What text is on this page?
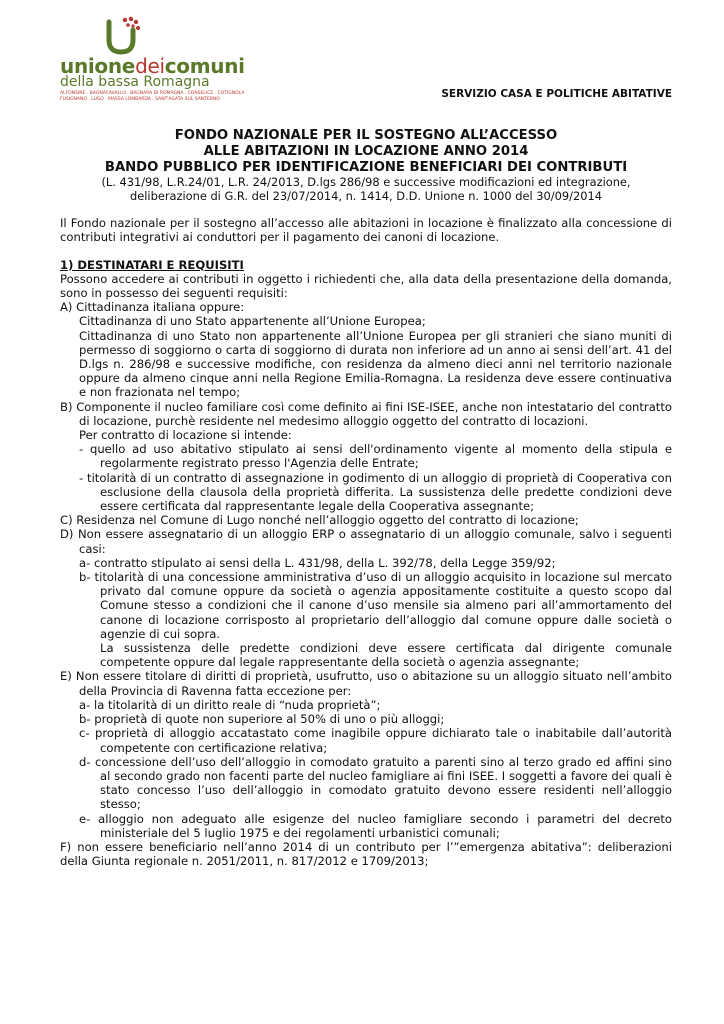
unionedeicomuni
della bassa Romagna
ALFONSINE . BAGNACAVALLO . BAGNARA DI ROMAGNA . CONSELICE . COTIGNOLA
FUSIGNANO . LUGO . MASSA LOMBARDA . SANT'AGATA SUL SANTERNO	SERVIZIO CASA E POLITICHE ABITATIVE
FONDO NAZIONALE PER IL SOSTEGNO ALL’ACCESSO
ALLE ABITAZIONI IN LOCAZIONE ANNO 2014
BANDO PUBBLICO PER IDENTIFICAZIONE BENEFICIARI DEI CONTRIBUTI
(L. 431/98, L.R.24/01, L.R. 24/2013, D.lgs 286/98 e successive modificazioni ed integrazione,
deliberazione di G.R. del 23/07/2014, n. 1414, D.D. Unione n. 1000 del 30/09/2014

Il Fondo nazionale per il sostegno all’accesso alle abitazioni in locazione è finalizzato alla concessione di contributi integrativi ai conduttori per il pagamento dei canoni di locazione.

1) DESTINATARI E REQUISITI

Possono accedere ai contributi in oggetto i richiedenti che, alla data della presentazione della domanda, sono in possesso dei seguenti requisiti:

A) Cittadinanza italiana oppure:

Cittadinanza di uno Stato appartenente all’Unione Europea;

Cittadinanza di uno Stato non appartenente all’Unione Europea per gli stranieri che siano muniti di permesso di soggiorno o carta di soggiorno di durata non inferiore ad un anno ai sensi dell’art. 41 del D.lgs n. 286/98 e successive modifiche, con residenza da almeno dieci anni nel territorio nazionale oppure da almeno cinque anni nella Regione Emilia-Romagna. La residenza deve essere continuativa e non frazionata nel tempo;

B) Componente il nucleo familiare così come definito ai fini ISE-ISEE, anche non intestatario del contratto di locazione, purchè residente nel medesimo alloggio oggetto del contratto di locazioni.

Per contratto di locazione si intende:

- quello ad uso abitativo stipulato ai sensi dell'ordinamento vigente al momento della stipula e regolarmente registrato presso l'Agenzia delle Entrate;

- titolarità di un contratto di assegnazione in godimento di un alloggio di proprietà di Cooperativa con esclusione della clausola della proprietà differita. La sussistenza delle predette condizioni deve essere certificata dal rappresentante legale della Cooperativa assegnante;

C) Residenza nel Comune di Lugo nonché nell’alloggio oggetto del contratto di locazione;

D) Non essere assegnatario di un alloggio ERP o assegnatario di un alloggio comunale, salvo i seguenti casi:

a- contratto stipulato ai sensi della L. 431/98, della L. 392/78, della Legge 359/92;

b- titolarità di una concessione amministrativa d’uso di un alloggio acquisito in locazione sul mercato privato dal comune oppure da società o agenzia appositamente costituite a questo scopo dal Comune stesso a condizioni che il canone d’uso mensile sia almeno pari all’ammortamento del canone di locazione corrisposto al proprietario dell’alloggio dal comune oppure dalle società o agenzie di cui sopra.

La sussistenza delle predette condizioni deve essere certificata dal dirigente comunale competente oppure dal legale rappresentante della società o agenzia assegnante;

E) Non essere titolare di diritti di proprietà, usufrutto, uso o abitazione su un alloggio situato nell’ambito della Provincia di Ravenna fatta eccezione per:

a- la titolarità di un diritto reale di “nuda proprietà”;

b- proprietà di quote non superiore al 50% di uno o più alloggi;

c- proprietà di alloggio accatastato come inagibile oppure dichiarato tale o inabitabile dall’autorità competente con certificazione relativa;

d- concessione dell’uso dell’alloggio in comodato gratuito a parenti sino al terzo grado ed affini sino al secondo grado non facenti parte del nucleo famigliare ai fini ISEE. I soggetti a favore dei quali è stato concesso l’uso dell’alloggio in comodato gratuito devono essere residenti nell’alloggio stesso;

e- alloggio non adeguato alle esigenze del nucleo famigliare secondo i parametri del decreto ministeriale del 5 luglio 1975 e dei regolamenti urbanistici comunali;

F) non essere beneficiario nell’anno 2014 di un contributo per l’”emergenza abitativa”: deliberazioni della Giunta regionale n. 2051/2011, n. 817/2012 e 1709/2013;
